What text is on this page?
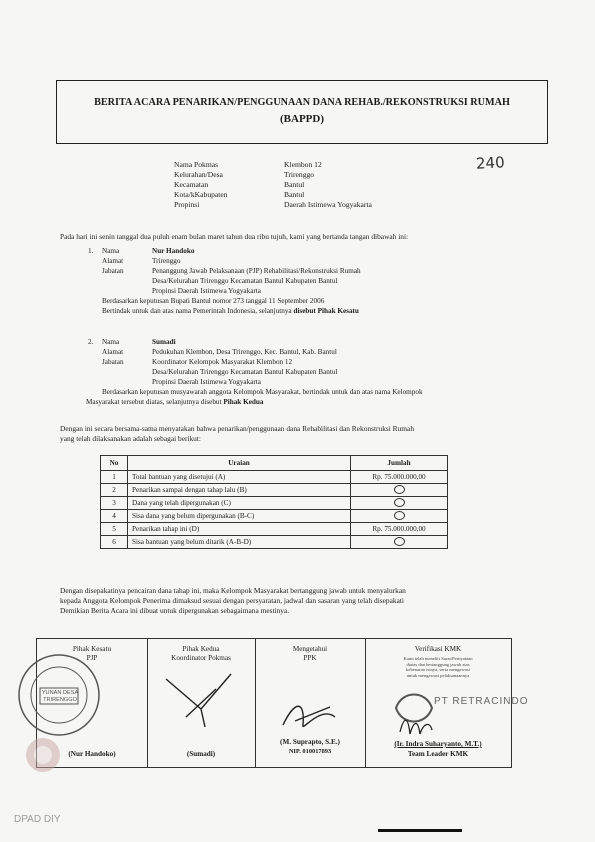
BERITA ACARA PENARIKAN/PENGGUNAAN DANA REHAB./REKONSTRUKSI RUMAH
(BAPPD)
240
Nama Pokmas	Klembon 12
Kelurahan/Desa	Trirenggo
Kecamatan	Bantul
Kota/kKabupaten	Bantul
Propinsi	Daerah Istimewa Yogyakarta
Pada hari ini senin tanggal dua puluh enam bulan maret tahun dua ribu tujuh, kami yang bertanda tangan dibawah ini:
1.	Nama	Nur Handoko
Alamat	Trirenggo
Jabatan	Penanggung Jawab Pelaksanaan (PJP) Rehabilitasi/Rekonstruksi Rumah
Desa/Kelurahan Trirenggo Kecamatan Bantul Kabupaten Bantul
Propinsi Daerah Istimewa Yogyakarta
Berdasarkan keputusan Bupati Bantul nomor 273 tanggal 11 September 2006
Bertindak untuk dan atas nama Pemerintah Indonesia, selanjutnya disebut Pihak Kesatu
2.	Nama	Sumadi
Alamat	Pedukuhan Klembon, Desa Trirenggo, Kec. Bantul, Kab. Bantul
Jabatan	Koordinator Kelompok Masyarakat Klembon 12
Desa/Kelurahan Trirenggo Kecamatan Bantul Kabupaten Bantul
Propinsi Daerah Istimewa Yogyakarta
Berdasarkan keputusan musyawarah anggota Kelompok Masyarakat, bertindak untuk dan atas nama Kelompok
Masyarakat tersebut diatas, selanjutnya disebut Pihak Kedua
Dengan ini secara bersama-sama menyatakan bahwa penarikan/penggunaan dana Rehabilitasi dan Rekonstruksi Rumah
yang telah dilaksanakan adalah sebagai berikut:
No	Uraian	Jumlah
1	Total bantuan yang disetujui (A)	Rp. 75.000.000,00
2	Penarikan sampai dengan tahap lalu (B)	
3	Dana yang telah dipergunakan (C)	
4	Sisa dana yang belum dipergunakan (B-C)	
5	Penarikan tahap ini (D)	Rp. 75.000.000,00
6	Sisa bantuan yang belum ditarik (A-B-D)	
Dengan disepakatinya pencairan dana tahap ini, maka Kelompok Masyarakat bertanggung jawab untuk menyalurkan
kepada Anggota Kelompok Penerima dimaksud sesuai dengan persyaratan, jadwal dan sasaran yang telah disepakati
Demikian Berita Acara ini dibuat untuk dipergunakan sebagaimana mestinya.
Pihak Kesatu
PJP
(Nur Handoko)
Pihak Kedua
Koordinator Pokmas
(Sumadi)
Mengetahui
PPK
(M. Suprapto, S.E.)
NIP. 010017893
Verifikasi KMK
Kami telah meneliti Surat/Pernyataan
diatas dan bertanggung jawab atas
kebenaran isinya, serta mengawasi
untuk mengawasi pelaksanaannya
(Ir. Indra Suharyanto, M.T.)
Team Leader KMK
YUNAN DESA TRIRENGGO	PT RETRACINDO
DPAD DIY
